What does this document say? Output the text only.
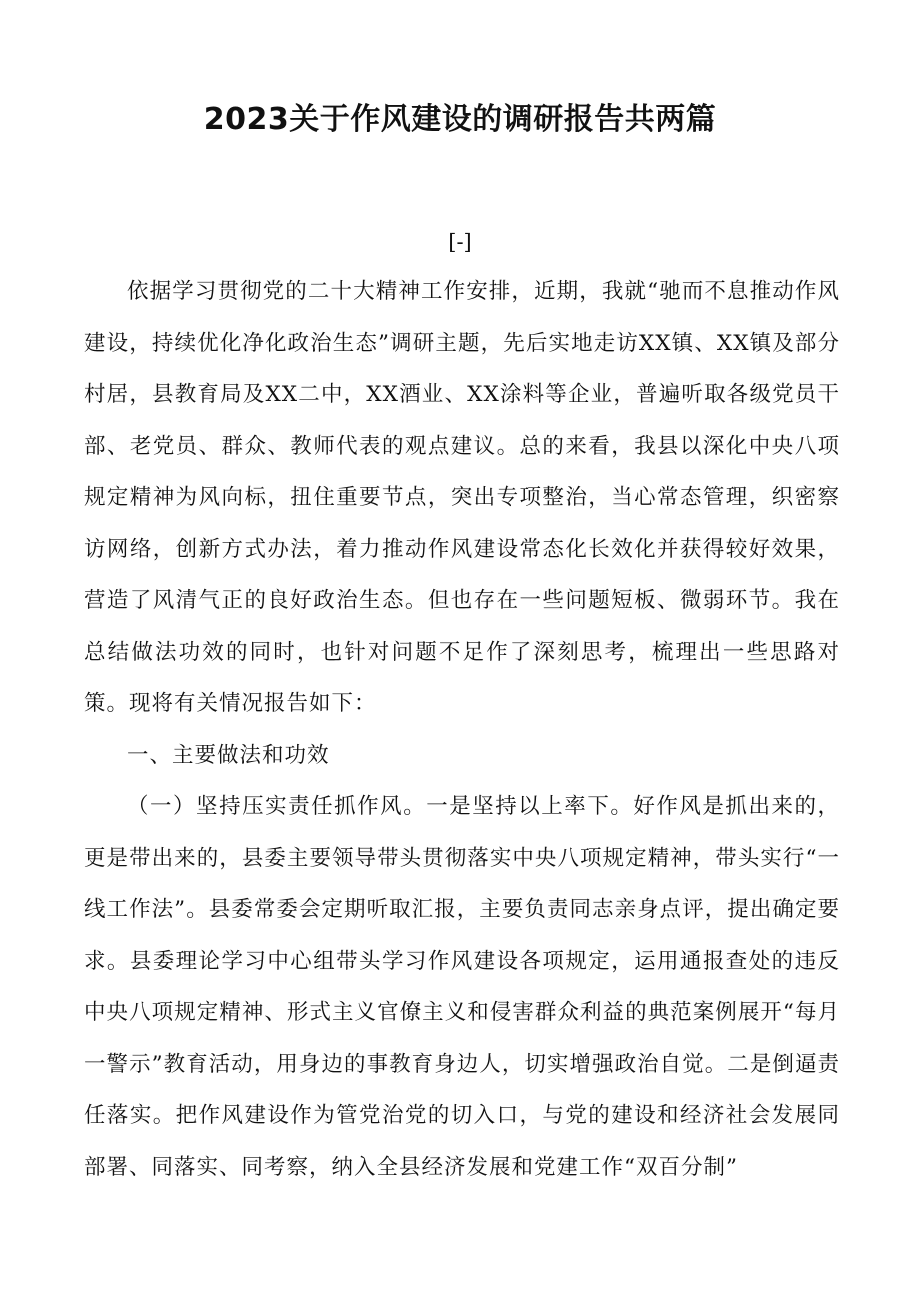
2023关于作风建设的调研报告共两篇
[-]

依据学习贯彻党的二十大精神工作安排，近期，我就“驰而不息推动作风建设，持续优化净化政治生态”调研主题，先后实地走访XX镇、XX镇及部分村居，县教育局及XX二中，XX酒业、XX涂料等企业，普遍听取各级党员干部、老党员、群众、教师代表的观点建议。总的来看，我县以深化中央八项规定精神为风向标，扭住重要节点，突出专项整治，当心常态管理，织密察访网络，创新方式办法，着力推动作风建设常态化长效化并获得较好效果，营造了风清气正的良好政治生态。但也存在一些问题短板、微弱环节。我在总结做法功效的同时，也针对问题不足作了深刻思考，梳理出一些思路对策。现将有关情况报告如下：

一、主要做法和功效

（一）坚持压实责任抓作风。一是坚持以上率下。好作风是抓出来的，更是带出来的，县委主要领导带头贯彻落实中央八项规定精神，带头实行“一线工作法”。县委常委会定期听取汇报，主要负责同志亲身点评，提出确定要求。县委理论学习中心组带头学习作风建设各项规定，运用通报查处的违反中央八项规定精神、形式主义官僚主义和侵害群众利益的典范案例展开“每月一警示”教育活动，用身边的事教育身边人，切实增强政治自觉。二是倒逼责任落实。把作风建设作为管党治党的切入口，与党的建设和经济社会发展同部署、同落实、同考察，纳入全县经济发展和党建工作“双百分制”
